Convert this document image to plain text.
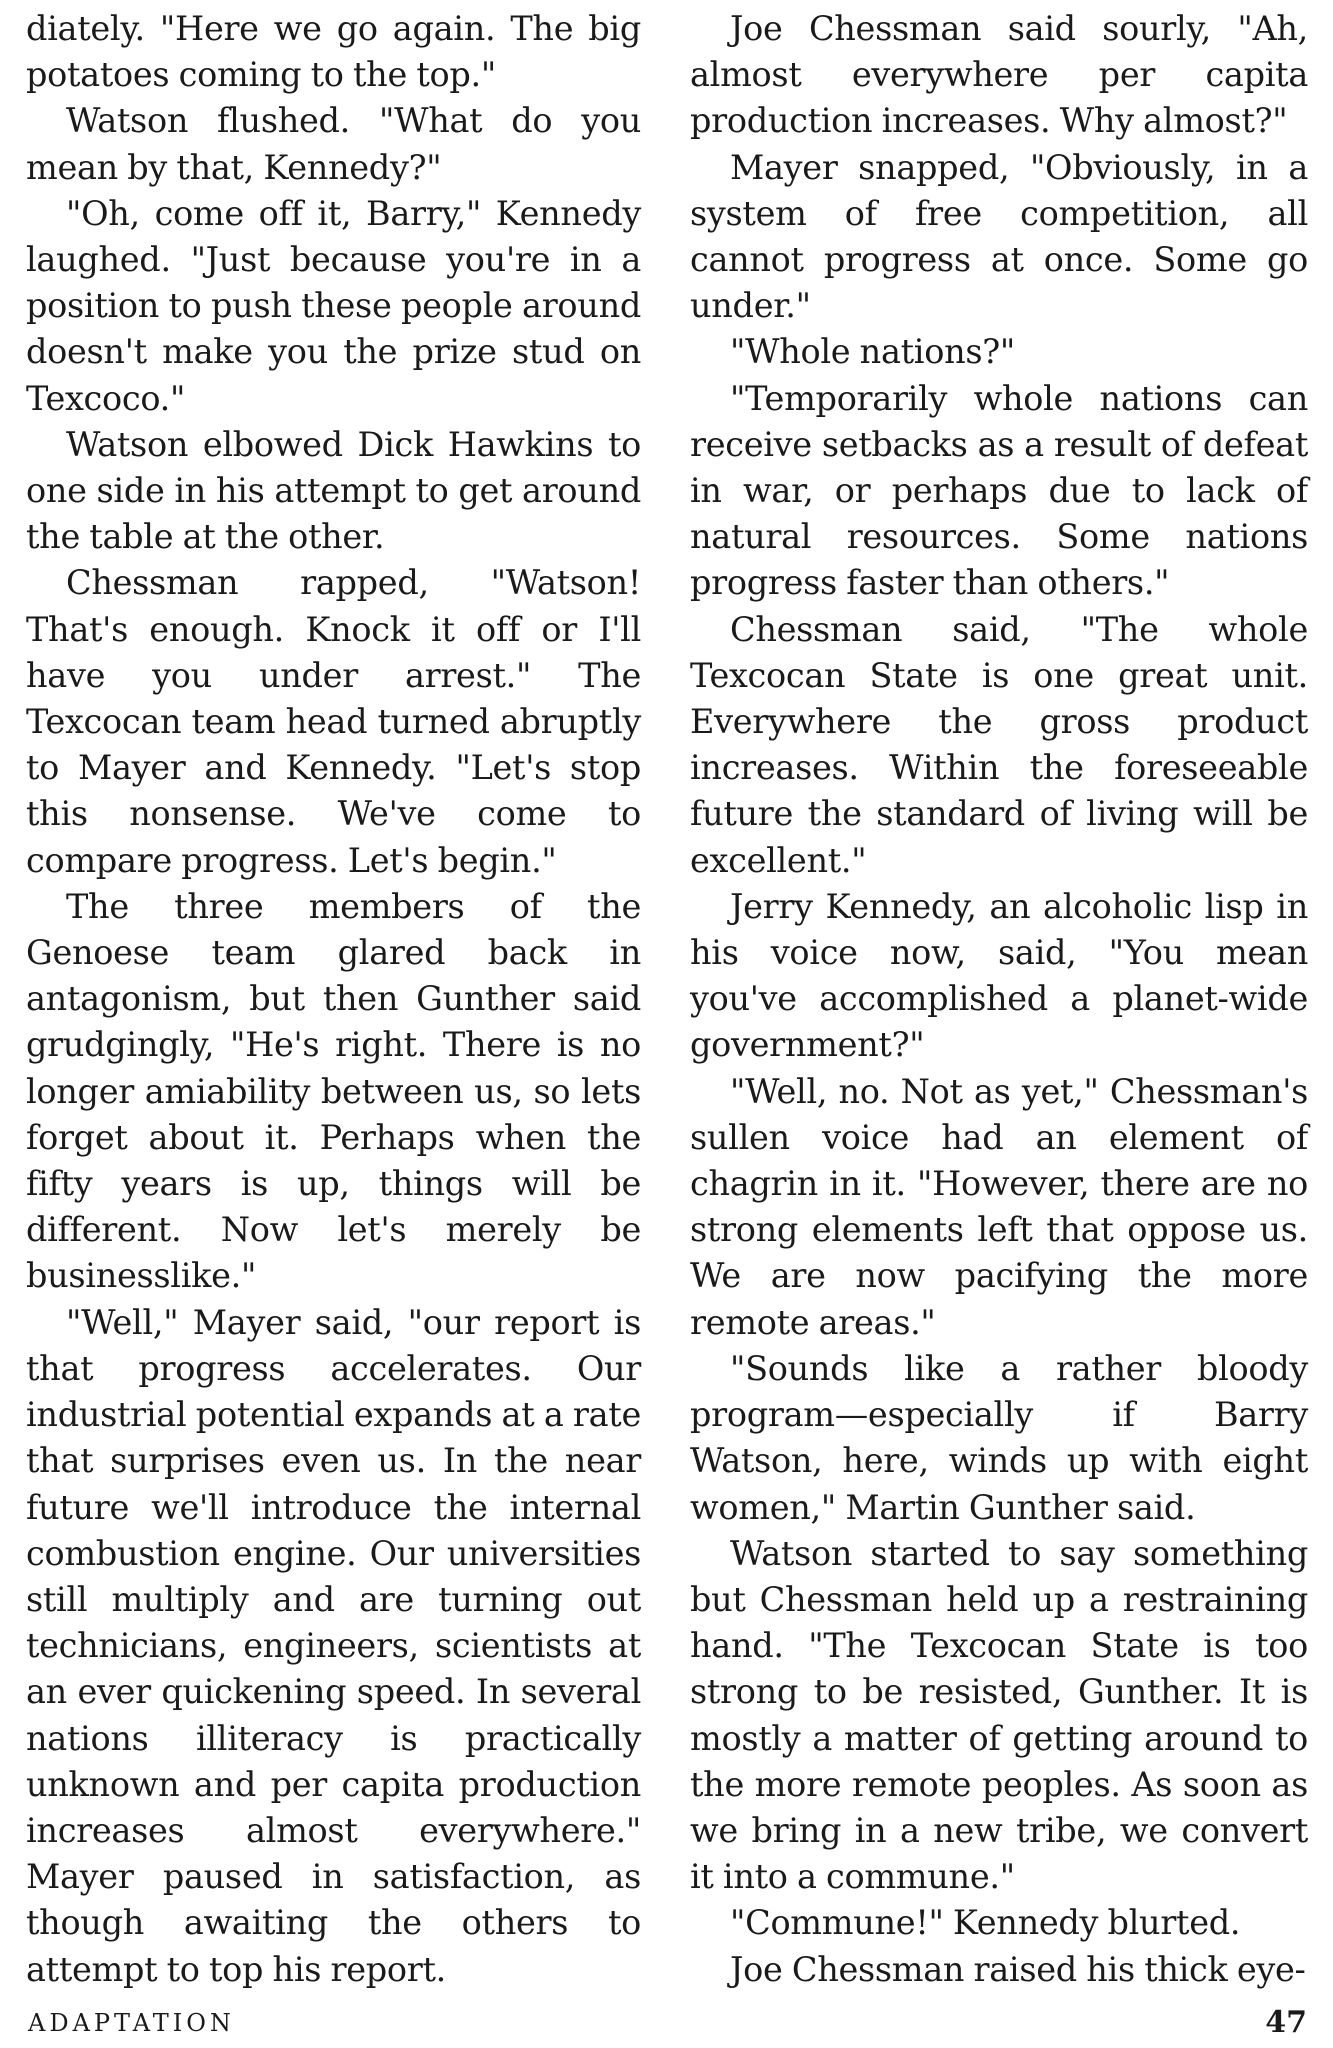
diately. "Here we go again. The big potatoes coming to the top."

Watson flushed. "What do you mean by that, Kennedy?"

"Oh, come off it, Barry," Kennedy laughed. "Just because you're in a position to push these people around doesn't make you the prize stud on Texcoco."

Watson elbowed Dick Hawkins to one side in his attempt to get around the table at the other.

Chessman rapped, "Watson! That's enough. Knock it off or I'll have you under arrest." The Texcocan team head turned abruptly to Mayer and Kennedy. "Let's stop this nonsense. We've come to compare progress. Let's begin."

The three members of the Genoese team glared back in antagonism, but then Gunther said grudgingly, "He's right. There is no longer amiability between us, so lets forget about it. Perhaps when the fifty years is up, things will be different. Now let's merely be businesslike."

"Well," Mayer said, "our report is that progress accelerates. Our industrial potential expands at a rate that surprises even us. In the near future we'll introduce the internal combustion engine. Our universities still multiply and are turning out technicians, engineers, scientists at an ever quickening speed. In several nations illiteracy is practically unknown and per capita production increases almost everywhere." Mayer paused in satisfaction, as though awaiting the others to attempt to top his report.

Joe Chessman said sourly, "Ah, almost everywhere per capita production increases. Why almost?"

Mayer snapped, "Obviously, in a system of free competition, all cannot progress at once. Some go under."

"Whole nations?"

"Temporarily whole nations can receive setbacks as a result of defeat in war, or perhaps due to lack of natural resources. Some nations progress faster than others."

Chessman said, "The whole Texcocan State is one great unit. Everywhere the gross product increases. Within the foreseeable future the standard of living will be excellent."

Jerry Kennedy, an alcoholic lisp in his voice now, said, "You mean you've accomplished a planet-wide government?"

"Well, no. Not as yet," Chessman's sullen voice had an element of chagrin in it. "However, there are no strong elements left that oppose us. We are now pacifying the more remote areas."

"Sounds like a rather bloody program—especially if Barry Watson, here, winds up with eight women," Martin Gunther said.

Watson started to say something but Chessman held up a restraining hand. "The Texcocan State is too strong to be resisted, Gunther. It is mostly a matter of getting around to the more remote peoples. As soon as we bring in a new tribe, we convert it into a commune."

"Commune!" Kennedy blurted.

Joe Chessman raised his thick eye-

ADAPTATION	47
